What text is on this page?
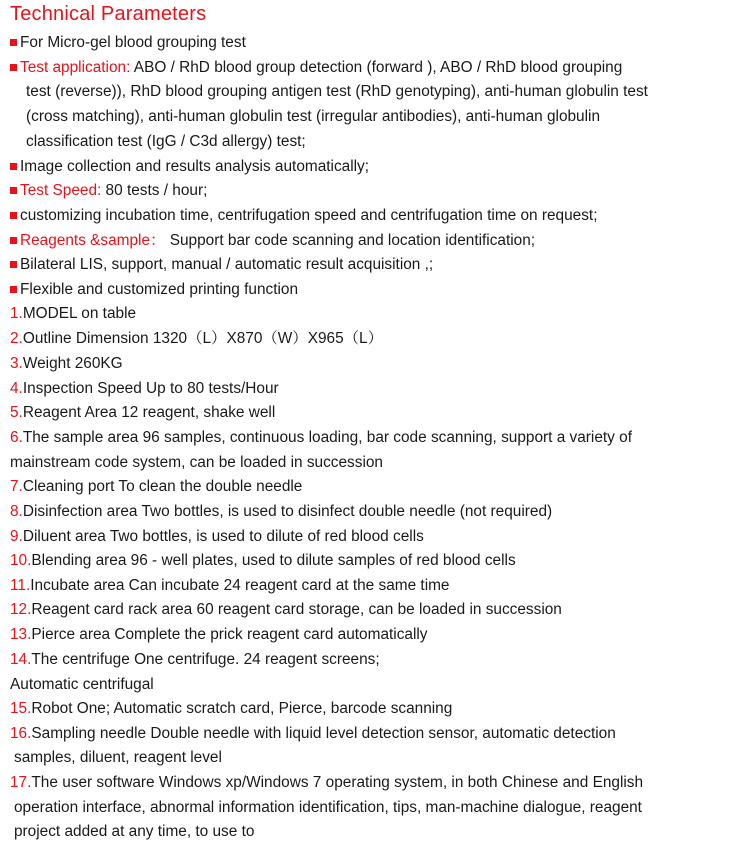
Technical Parameters
For Micro-gel blood grouping test
Test application: ABO / RhD blood group detection (forward ), ABO / RhD blood grouping
test (reverse)), RhD blood grouping antigen test (RhD genotyping), anti-human globulin test
(cross matching), anti-human globulin test (irregular antibodies), anti-human globulin
classification test (IgG / C3d allergy) test;
Image collection and results analysis automatically;
Test Speed: 80 tests / hour;
customizing incubation time, centrifugation speed and centrifugation time on request;
Reagents &sample： Support bar code scanning and location identification;
Bilateral LIS, support, manual / automatic result acquisition ,;
Flexible and customized printing function
1.MODEL on table
2.Outline Dimension 1320（L）X870（W）X965（L）
3.Weight 260KG
4.Inspection Speed Up to 80 tests/Hour
5.Reagent Area 12 reagent, shake well
6.The sample area 96 samples, continuous loading, bar code scanning, support a variety of
mainstream code system, can be loaded in succession
7.Cleaning port To clean the double needle
8.Disinfection area Two bottles, is used to disinfect double needle (not required)
9.Diluent area Two bottles, is used to dilute of red blood cells
10.Blending area 96 - well plates, used to dilute samples of red blood cells
11.Incubate area Can incubate 24 reagent card at the same time
12.Reagent card rack area 60 reagent card storage, can be loaded in succession
13.Pierce area Complete the prick reagent card automatically
14.The centrifuge One centrifuge. 24 reagent screens;
Automatic centrifugal
15.Robot One; Automatic scratch card, Pierce, barcode scanning
16.Sampling needle Double needle with liquid level detection sensor, automatic detection
samples, diluent, reagent level
17.The user software Windows xp/Windows 7 operating system, in both Chinese and English
operation interface, abnormal information identification, tips, man-machine dialogue, reagent
project added at any time, to use to
